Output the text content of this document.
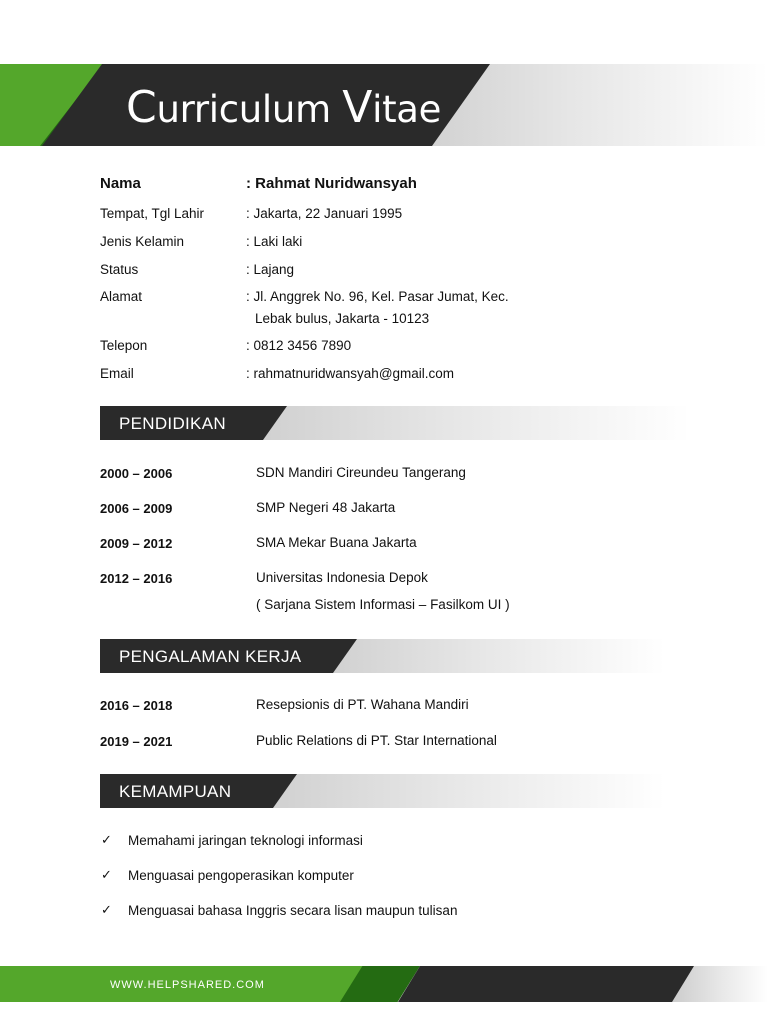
Curriculum Vitae
Nama	: Rahmat Nuridwansyah
Tempat, Tgl Lahir	: Jakarta, 22 Januari 1995
Jenis Kelamin	: Laki laki
Status	: Lajang
Alamat	: Jl. Anggrek No. 96, Kel. Pasar Jumat, Kec.
Lebak bulus, Jakarta - 10123
Telepon	: 0812 3456 7890
Email	: rahmatnuridwansyah@gmail.com
PENDIDIKAN
2000 – 2006	SDN Mandiri Cireundeu Tangerang
2006 – 2009	SMP Negeri 48 Jakarta
2009 – 2012	SMA Mekar Buana Jakarta
2012 – 2016	Universitas Indonesia Depok
( Sarjana Sistem Informasi – Fasilkom UI )
PENGALAMAN KERJA
2016 – 2018	Resepsionis di PT. Wahana Mandiri
2019 – 2021	Public Relations di PT. Star International
KEMAMPUAN
✓ Memahami jaringan teknologi informasi
✓ Menguasai pengoperasikan komputer
✓ Menguasai bahasa Inggris secara lisan maupun tulisan
WWW.HELPSHARED.COM
